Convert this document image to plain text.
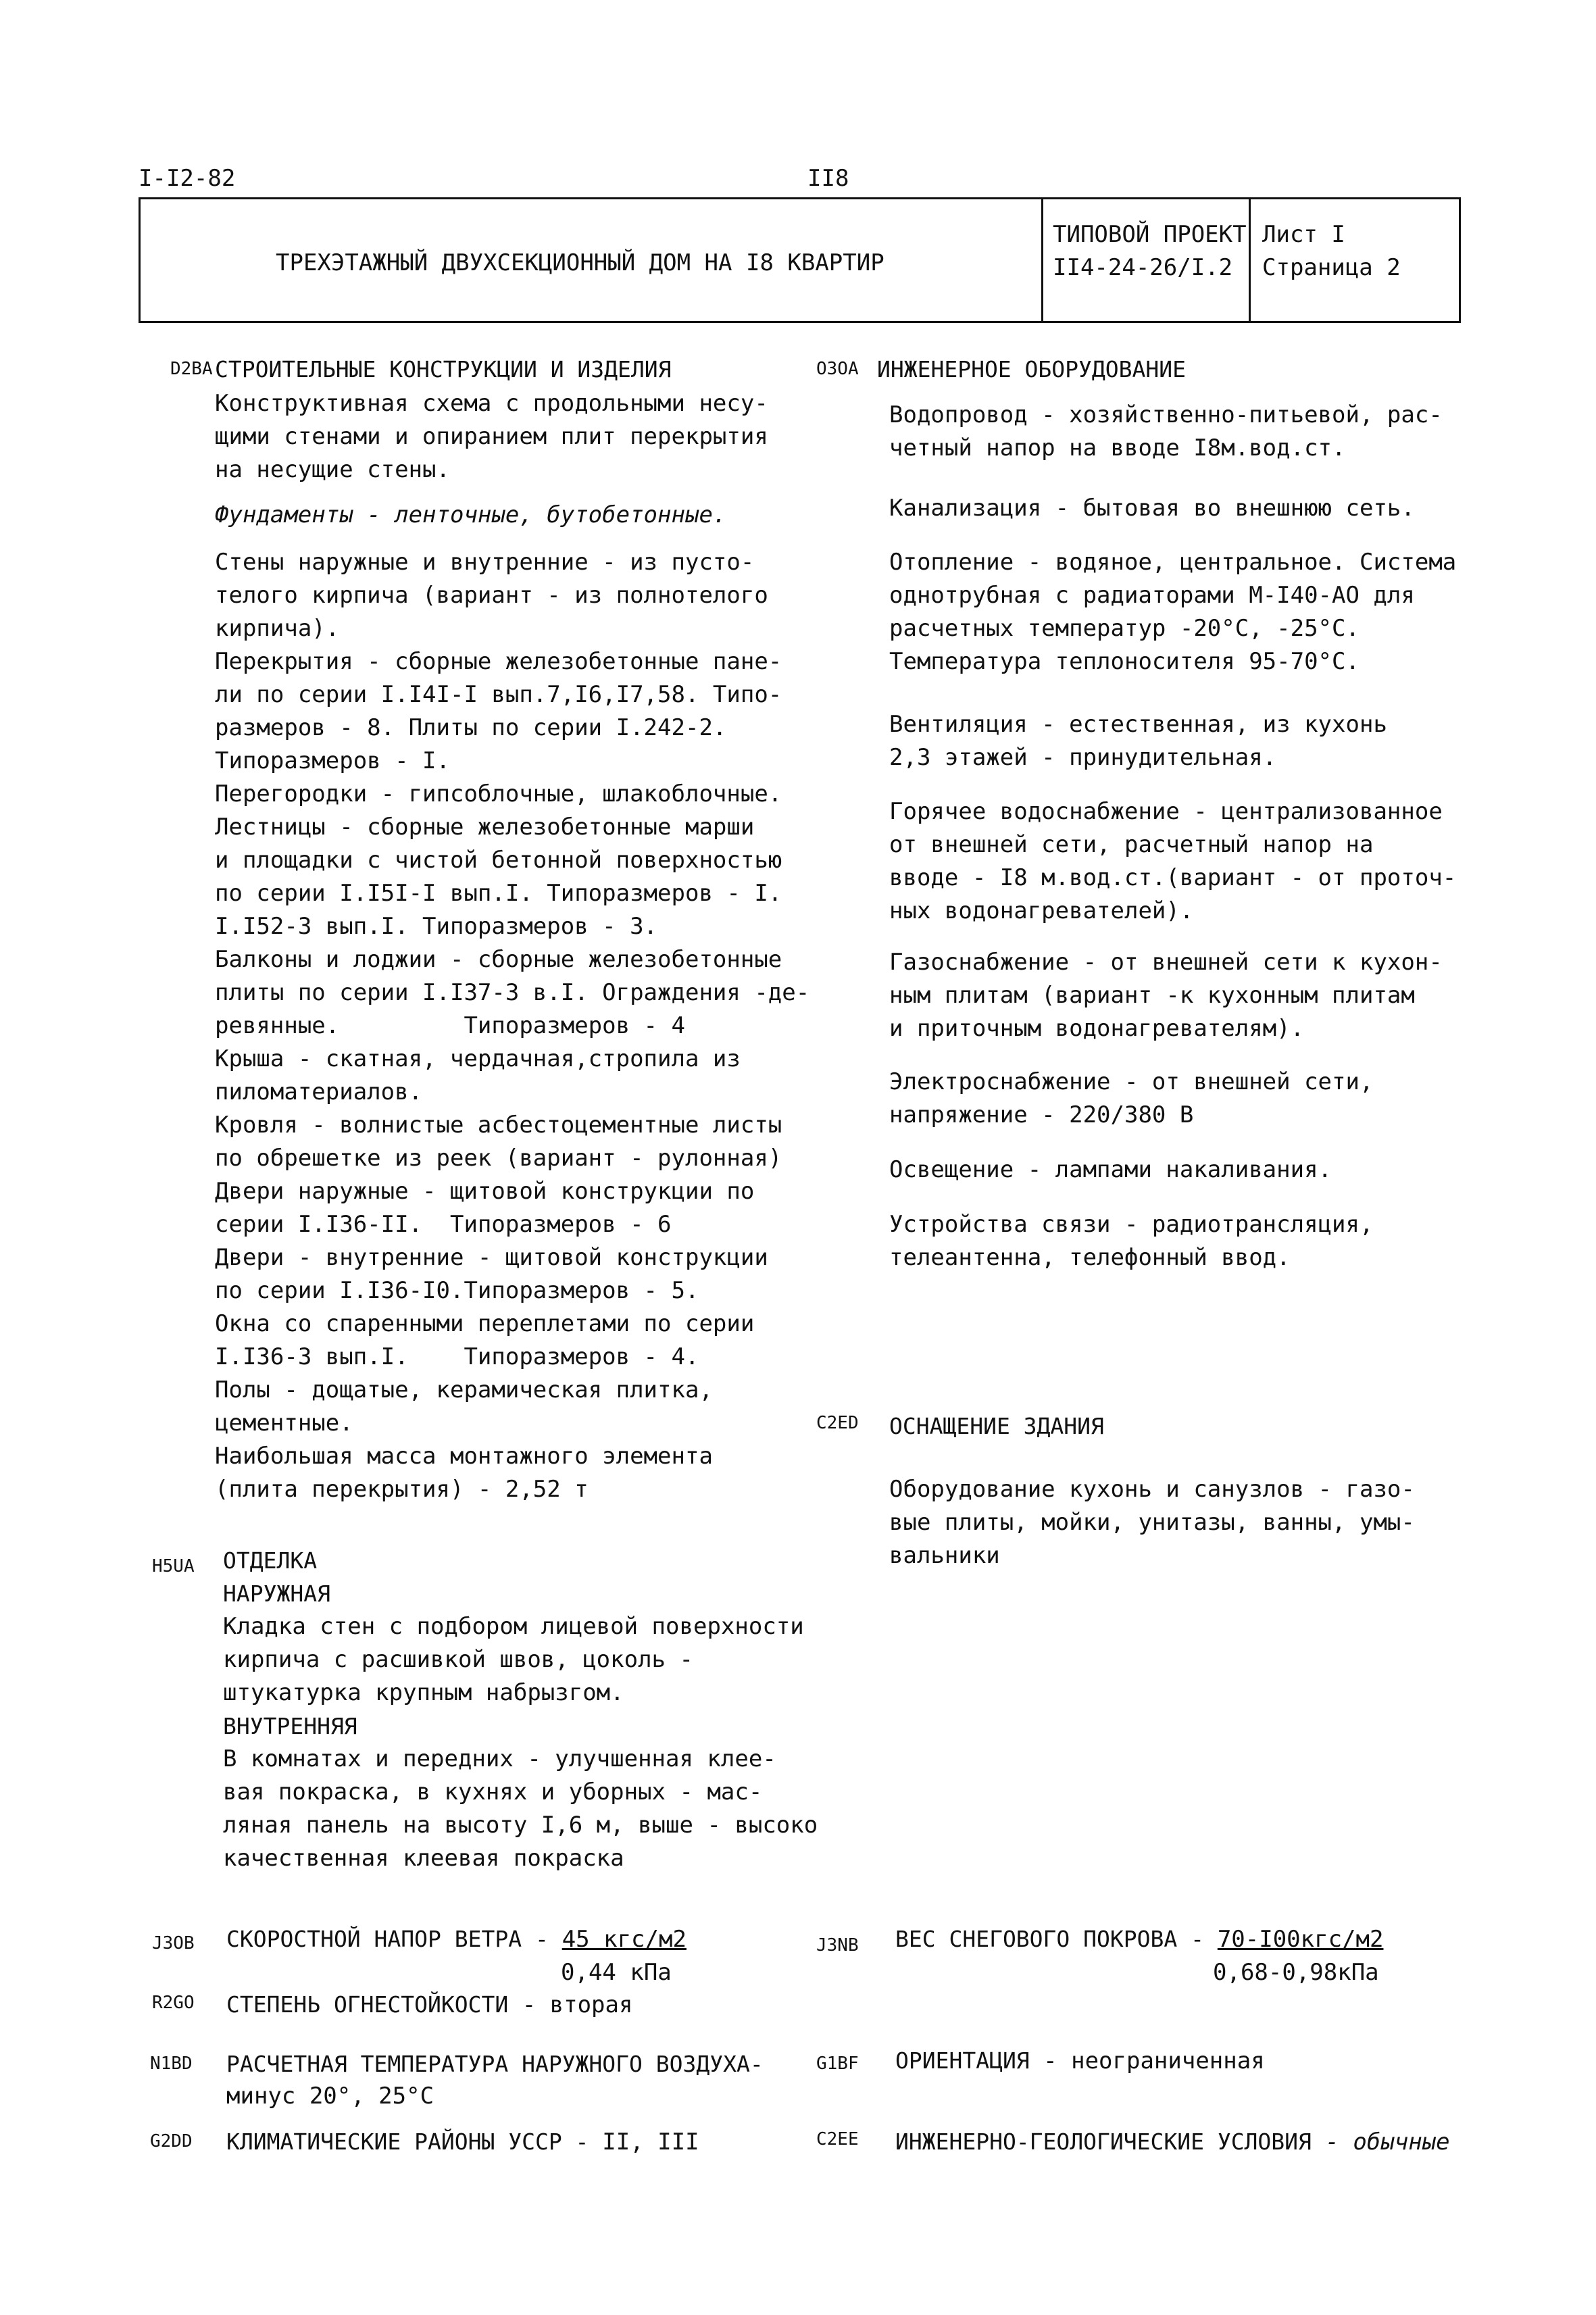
I-I2-82	II8
ТРЕХЭТАЖНЫЙ ДВУХСЕКЦИОННЫЙ ДОМ НА I8 КВАРТИР
ТИПОВОЙ ПРОЕКТ
II4-24-26/I.2
Лист I
Страница 2
D2BA СТРОИТЕЛЬНЫЕ КОНСТРУКЦИИ И ИЗДЕЛИЯ
Конструктивная схема с продольными несу-
щими стенами и опиранием плит перекрытия
на несущие стены.
Фундаменты - ленточные, бутобетонные.
Стены наружные и внутренние - из пусто-
телого кирпича (вариант - из полнотелого
кирпича).
Перекрытия - сборные железобетонные пане-
ли по серии I.I4I-I вып.7,I6,I7,58. Типо-
размеров - 8. Плиты по серии I.242-2.
Типоразмеров - I.
Перегородки - гипсоблочные, шлакоблочные.
Лестницы - сборные железобетонные марши
и площадки с чистой бетонной поверхностью
по серии I.I5I-I вып.I. Типоразмеров - I.
I.I52-3 вып.I. Типоразмеров - 3.
Балконы и лоджии - сборные железобетонные
плиты по серии I.I37-3 в.I. Ограждения -де-
ревянные.         Типоразмеров - 4
Крыша - скатная, чердачная,стропила из
пиломатериалов.
Кровля - волнистые асбестоцементные листы
по обрешетке из реек (вариант - рулонная)
Двери наружные - щитовой конструкции по
серии I.I36-II.  Типоразмеров - 6
Двери - внутренние - щитовой конструкции
по серии I.I36-I0.Типоразмеров - 5.
Окна со спаренными переплетами по серии
I.I36-3 вып.I.    Типоразмеров - 4.
Полы - дощатые, керамическая плитка,
цементные.
Наибольшая масса монтажного элемента
(плита перекрытия) - 2,52 т
O3OA ИНЖЕНЕРНОЕ ОБОРУДОВАНИЕ
Водопровод - хозяйственно-питьевой, рас-
четный напор на вводе I8м.вод.ст.
Канализация - бытовая во внешнюю сеть.
Отопление - водяное, центральное. Система
однотрубная с радиаторами М-I40-АО для
расчетных температур -20°С, -25°С.
Температура теплоносителя 95-70°С.
Вентиляция - естественная, из кухонь
2,3 этажей - принудительная.
Горячее водоснабжение - централизованное
от внешней сети, расчетный напор на
вводе - I8 м.вод.ст.(вариант - от проточ-
ных водонагревателей).
Газоснабжение - от внешней сети к кухон-
ным плитам (вариант -к кухонным плитам
и приточным водонагревателям).
Электроснабжение - от внешней сети,
напряжение - 220/380 В
Освещение - лампами накаливания.
Устройства связи - радиотрансляция,
телеантенна, телефонный ввод.
C2ED ОСНАЩЕНИЕ ЗДАНИЯ
Оборудование кухонь и санузлов - газо-
вые плиты, мойки, унитазы, ванны, умы-
вальники
H5UA ОТДЕЛКА
НАРУЖНАЯ
Кладка стен с подбором лицевой поверхности
кирпича с расшивкой швов, цоколь -
штукатурка крупным набрызгом.
ВНУТРЕННЯЯ
В комнатах и передних - улучшенная клее-
вая покраска, в кухнях и уборных - мас-
ляная панель на высоту I,6 м, выше - высоко
качественная клеевая покраска
J3OB СКОРОСТНОЙ НАПОР ВЕТРА - 45 кгс/м2
0,44 кПа
R2GO СТЕПЕНЬ ОГНЕСТОЙКОСТИ - вторая
N1BD РАСЧЕТНАЯ ТЕМПЕРАТУРА НАРУЖНОГО ВОЗДУХА-
минус 20°, 25°С
G2DD КЛИМАТИЧЕСКИЕ РАЙОНЫ УССР - II, III
J3NB ВЕС СНЕГОВОГО ПОКРОВА - 70-I00кгс/м2
0,68-0,98кПа
G1BF ОРИЕНТАЦИЯ - неограниченная
C2EE ИНЖЕНЕРНО-ГЕОЛОГИЧЕСКИЕ УСЛОВИЯ - обычные
